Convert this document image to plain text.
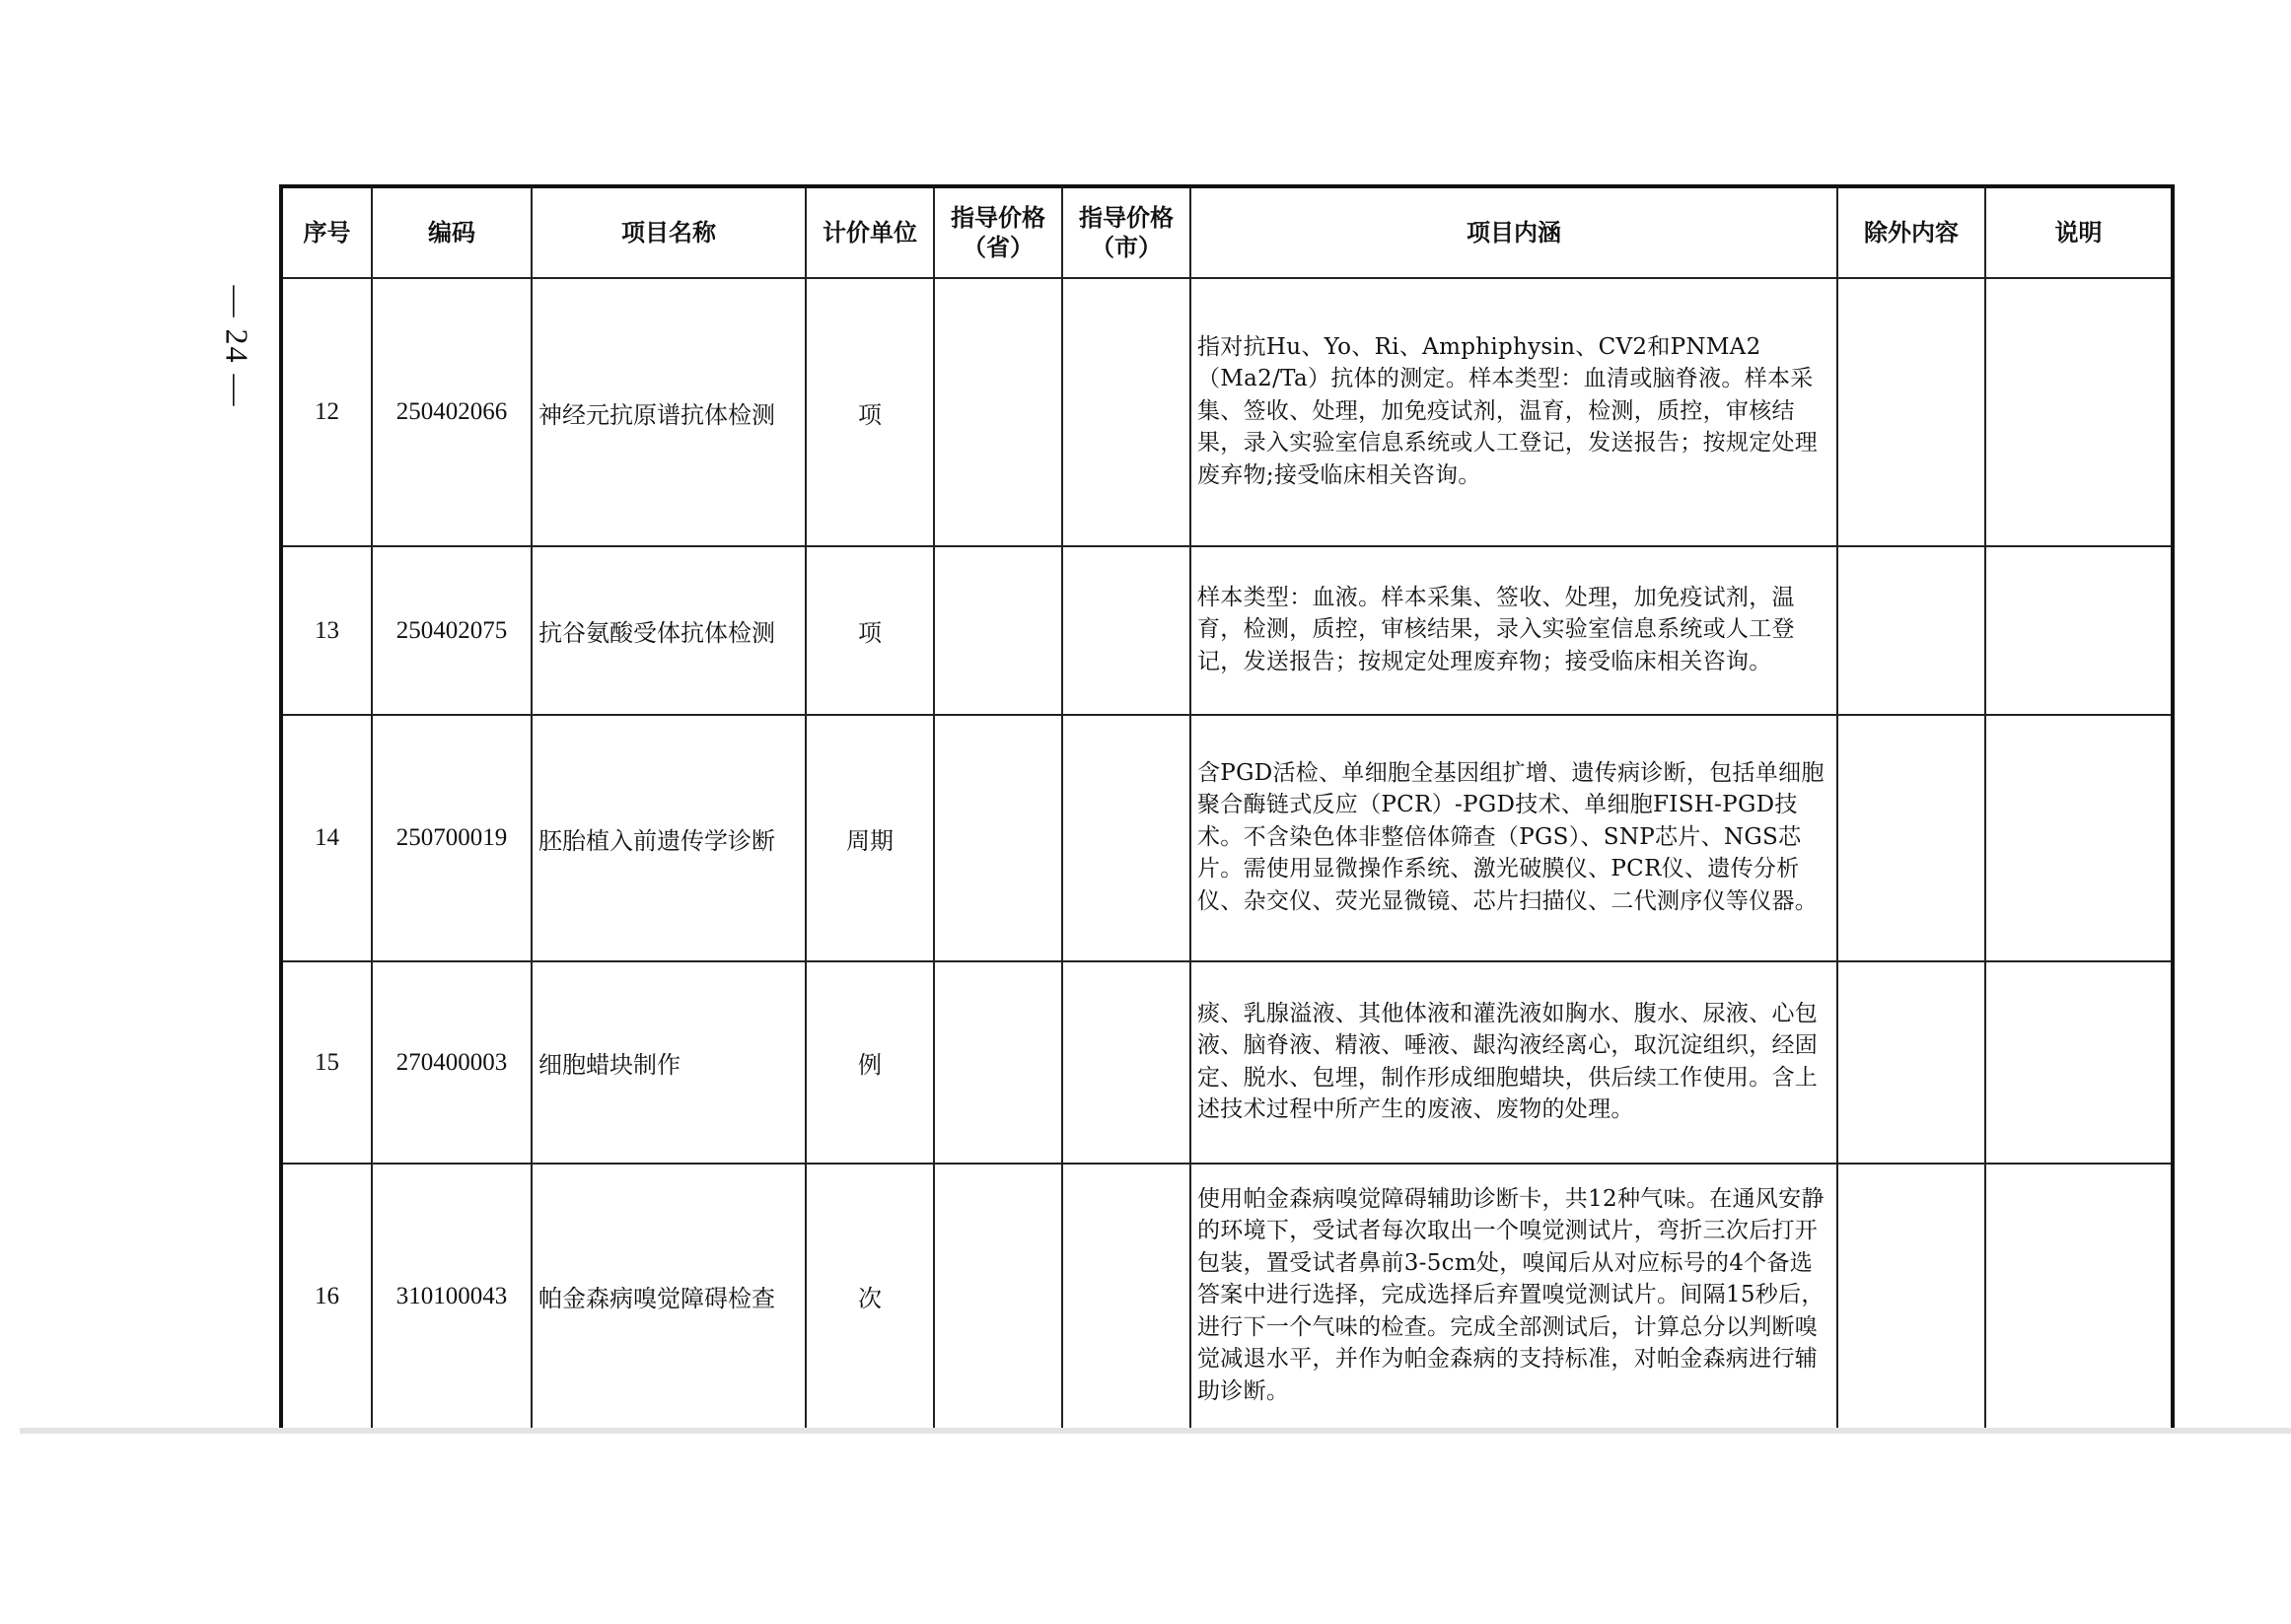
— 24 —
序号	编码	项目名称	计价单位	指导价格（省）	指导价格（市）	项目内涵	除外内容	说明
12	250402066	神经元抗原谱抗体检测	项			指对抗Hu、Yo、Ri、Amphiphysin、CV2和PNMA2（Ma2/Ta）抗体的测定。样本类型：血清或脑脊液。样本采集、签收、处理，加免疫试剂，温育，检测，质控，审核结果，录入实验室信息系统或人工登记，发送报告；按规定处理废弃物;接受临床相关咨询。		
13	250402075	抗谷氨酸受体抗体检测	项			样本类型：血液。样本采集、签收、处理，加免疫试剂，温育，检测，质控，审核结果，录入实验室信息系统或人工登记，发送报告；按规定处理废弃物；接受临床相关咨询。		
14	250700019	胚胎植入前遗传学诊断	周期			含PGD活检、单细胞全基因组扩增、遗传病诊断，包括单细胞聚合酶链式反应（PCR）-PGD技术、单细胞FISH-PGD技术。不含染色体非整倍体筛查（PGS）、SNP芯片、NGS芯片。需使用显微操作系统、激光破膜仪、PCR仪、遗传分析仪、杂交仪、荧光显微镜、芯片扫描仪、二代测序仪等仪器。		
15	270400003	细胞蜡块制作	例			痰、乳腺溢液、其他体液和灌洗液如胸水、腹水、尿液、心包液、脑脊液、精液、唾液、龈沟液经离心，取沉淀组织，经固定、脱水、包埋，制作形成细胞蜡块，供后续工作使用。含上述技术过程中所产生的废液、废物的处理。		
16	310100043	帕金森病嗅觉障碍检查	次			使用帕金森病嗅觉障碍辅助诊断卡，共12种气味。在通风安静的环境下，受试者每次取出一个嗅觉测试片，弯折三次后打开包装，置受试者鼻前3-5cm处，嗅闻后从对应标号的4个备选答案中进行选择，完成选择后弃置嗅觉测试片。间隔15秒后，进行下一个气味的检查。完成全部测试后，计算总分以判断嗅觉减退水平，并作为帕金森病的支持标准，对帕金森病进行辅助诊断。		
